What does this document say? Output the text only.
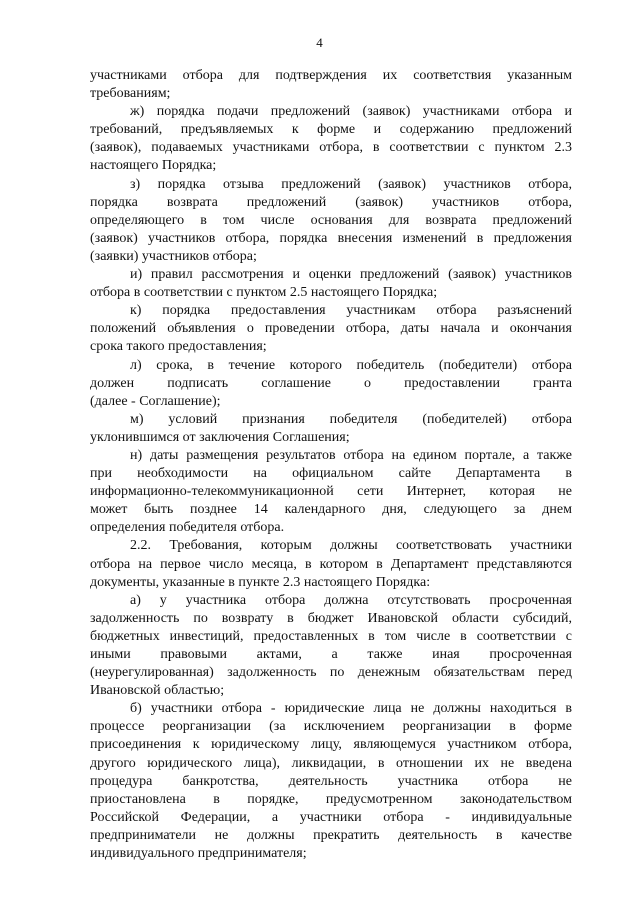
4
участниками отбора для подтверждения их соответствия указанным
требованиям;
ж) порядка подачи предложений (заявок) участниками отбора и
требований, предъявляемых к форме и содержанию предложений
(заявок), подаваемых участниками отбора, в соответствии с пунктом 2.3
настоящего Порядка;
з) порядка отзыва предложений (заявок) участников отбора,
порядка возврата предложений (заявок) участников отбора,
определяющего в том числе основания для возврата предложений
(заявок) участников отбора, порядка внесения изменений в предложения
(заявки) участников отбора;
и) правил рассмотрения и оценки предложений (заявок) участников
отбора в соответствии с пунктом 2.5 настоящего Порядка;
к) порядка предоставления участникам отбора разъяснений
положений объявления о проведении отбора, даты начала и окончания
срока такого предоставления;
л) срока, в течение которого победитель (победители) отбора
должен подписать соглашение о предоставлении гранта
(далее - Соглашение);
м) условий признания победителя (победителей) отбора
уклонившимся от заключения Соглашения;
н) даты размещения результатов отбора на едином портале, а также
при необходимости на официальном сайте Департамента в
информационно-телекоммуникационной сети Интернет, которая не
может быть позднее 14 календарного дня, следующего за днем
определения победителя отбора.
2.2. Требования, которым должны соответствовать участники
отбора на первое число месяца, в котором в Департамент представляются
документы, указанные в пункте 2.3 настоящего Порядка:
а) у участника отбора должна отсутствовать просроченная
задолженность по возврату в бюджет Ивановской области субсидий,
бюджетных инвестиций, предоставленных в том числе в соответствии с
иными правовыми актами, а также иная просроченная
(неурегулированная) задолженность по денежным обязательствам перед
Ивановской областью;
б) участники отбора - юридические лица не должны находиться в
процессе реорганизации (за исключением реорганизации в форме
присоединения к юридическому лицу, являющемуся участником отбора,
другого юридического лица), ликвидации, в отношении их не введена
процедура банкротства, деятельность участника отбора не
приостановлена в порядке, предусмотренном законодательством
Российской Федерации, а участники отбора - индивидуальные
предприниматели не должны прекратить деятельность в качестве
индивидуального предпринимателя;
